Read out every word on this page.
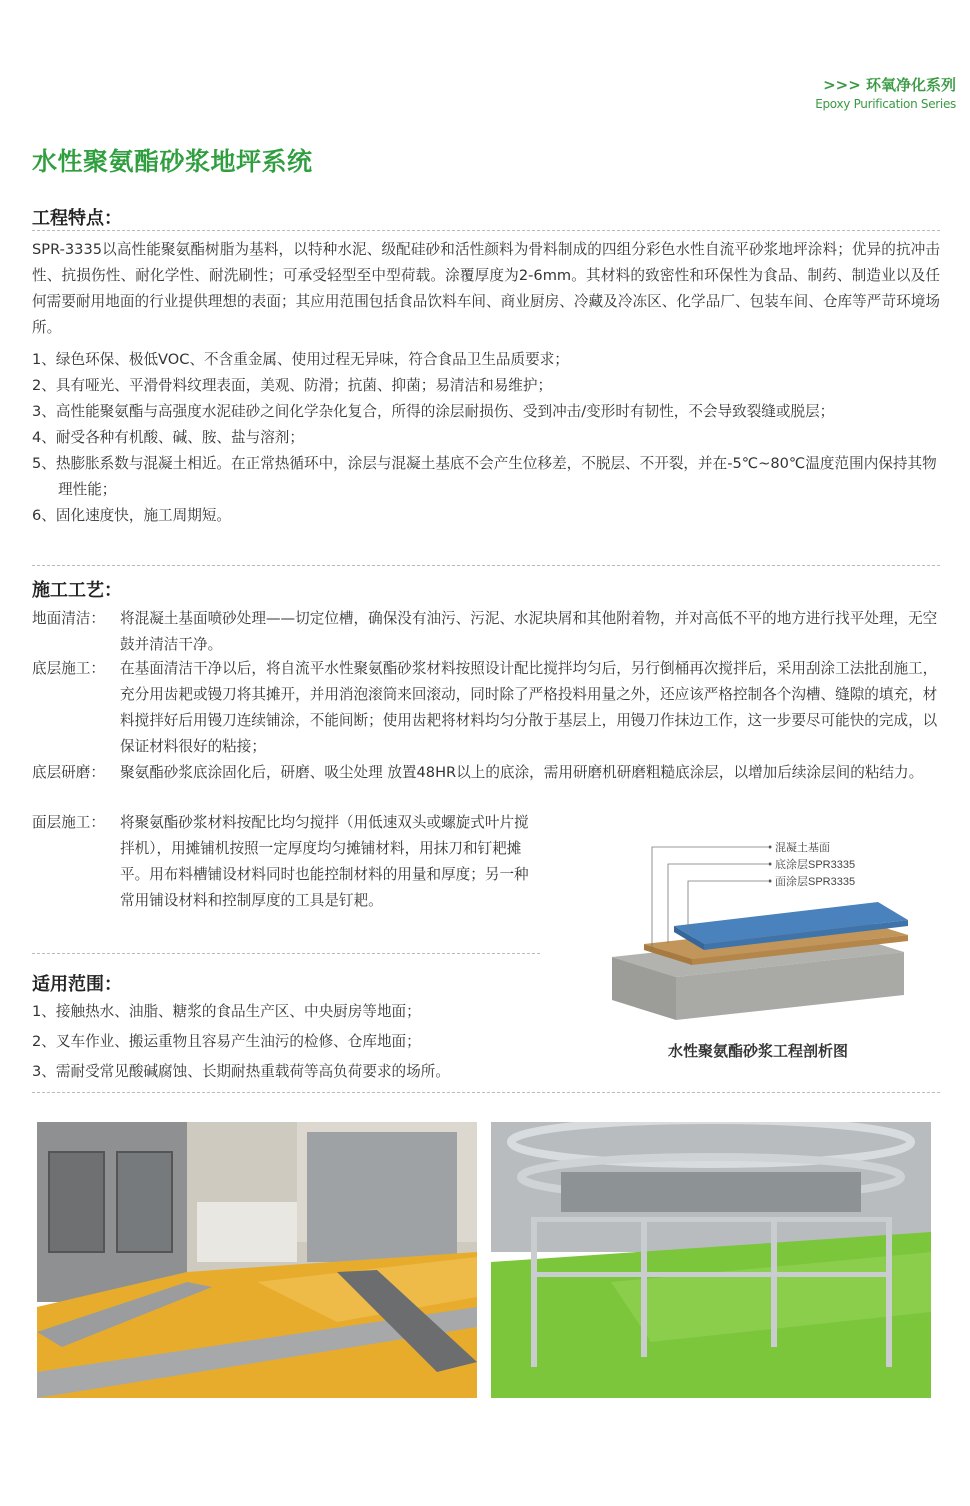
>>> 环氧净化系列
Epoxy Purification Series
水性聚氨酯砂浆地坪系统
工程特点：
SPR-3335以高性能聚氨酯树脂为基料，以特种水泥、级配硅砂和活性颜料为骨料制成的四组分彩色水性自流平砂浆地坪涂料；优异的抗冲击性、抗损伤性、耐化学性、耐洗刷性；可承受轻型至中型荷载。涂覆厚度为2-6mm。其材料的致密性和环保性为食品、制药、制造业以及任何需要耐用地面的行业提供理想的表面；其应用范围包括食品饮料车间、商业厨房、冷藏及冷冻区、化学品厂、包装车间、仓库等严苛环境场所。
1、绿色环保、极低VOC、不含重金属、使用过程无异味，符合食品卫生品质要求；
2、具有哑光、平滑骨料纹理表面，美观、防滑；抗菌、抑菌；易清洁和易维护；
3、高性能聚氨酯与高强度水泥硅砂之间化学杂化复合，所得的涂层耐损伤、受到冲击/变形时有韧性，不会导致裂缝或脱层；
4、耐受各种有机酸、碱、胺、盐与溶剂；
5、热膨胀系数与混凝土相近。在正常热循环中，涂层与混凝土基底不会产生位移差，不脱层、不开裂，并在-5℃~80℃温度范围内保持其物理性能；
6、固化速度快，施工周期短。
施工工艺：
地面清洁：	将混凝土基面喷砂处理——切定位槽，确保没有油污、污泥、水泥块屑和其他附着物，并对高低不平的地方进行找平处理，无空鼓并清洁干净。
底层施工：	在基面清洁干净以后，将自流平水性聚氨酯砂浆材料按照设计配比搅拌均匀后，另行倒桶再次搅拌后，采用刮涂工法批刮施工，充分用齿耙或镘刀将其摊开，并用消泡滚筒来回滚动，同时除了严格投料用量之外，还应该严格控制各个沟槽、缝隙的填充，材料搅拌好后用镘刀连续铺涂，不能间断；使用齿耙将材料均匀分散于基层上，用镘刀作抹边工作，这一步要尽可能快的完成，以保证材料很好的粘接；
底层研磨：	聚氨酯砂浆底涂固化后，研磨、吸尘处理 放置48HR以上的底涂，需用研磨机研磨粗糙底涂层，以增加后续涂层间的粘结力。
面层施工：	将聚氨酯砂浆材料按配比均匀搅拌（用低速双头或螺旋式叶片搅拌机），用摊铺机按照一定厚度均匀摊铺材料，用抹刀和钉耙摊平。用布料槽铺设材料同时也能控制材料的用量和厚度；另一种常用铺设材料和控制厚度的工具是钉耙。
混凝土基面
底涂层SPR3335
面涂层SPR3335
水性聚氨酯砂浆工程剖析图
适用范围：
1、接触热水、油脂、糖浆的食品生产区、中央厨房等地面；
2、叉车作业、搬运重物且容易产生油污的检修、仓库地面；
3、需耐受常见酸碱腐蚀、长期耐热重载荷等高负荷要求的场所。
